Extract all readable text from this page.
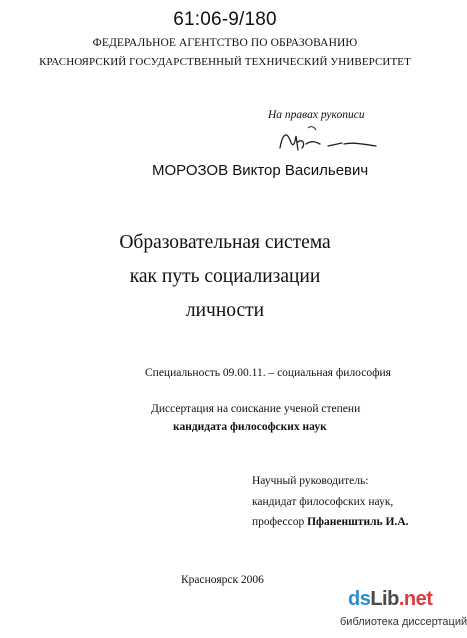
61:06-9/180
ФЕДЕРАЛЬНОЕ АГЕНТСТВО ПО ОБРАЗОВАНИЮ
КРАСНОЯРСКИЙ ГОСУДАРСТВЕННЫЙ ТЕХНИЧЕСКИЙ УНИВЕРСИТЕТ
На правах рукописи
МОРОЗОВ Виктор Васильевич
Образовательная система
как путь социализации
личности
Специальность 09.00.11. – социальная философия
Диссертация на соискание ученой степени
кандидата философских наук
Научный руководитель:
кандидат философских наук,
профессор Пфаненштиль И.А.
Красноярск 2006
dsLib.net
библиотека диссертаций
